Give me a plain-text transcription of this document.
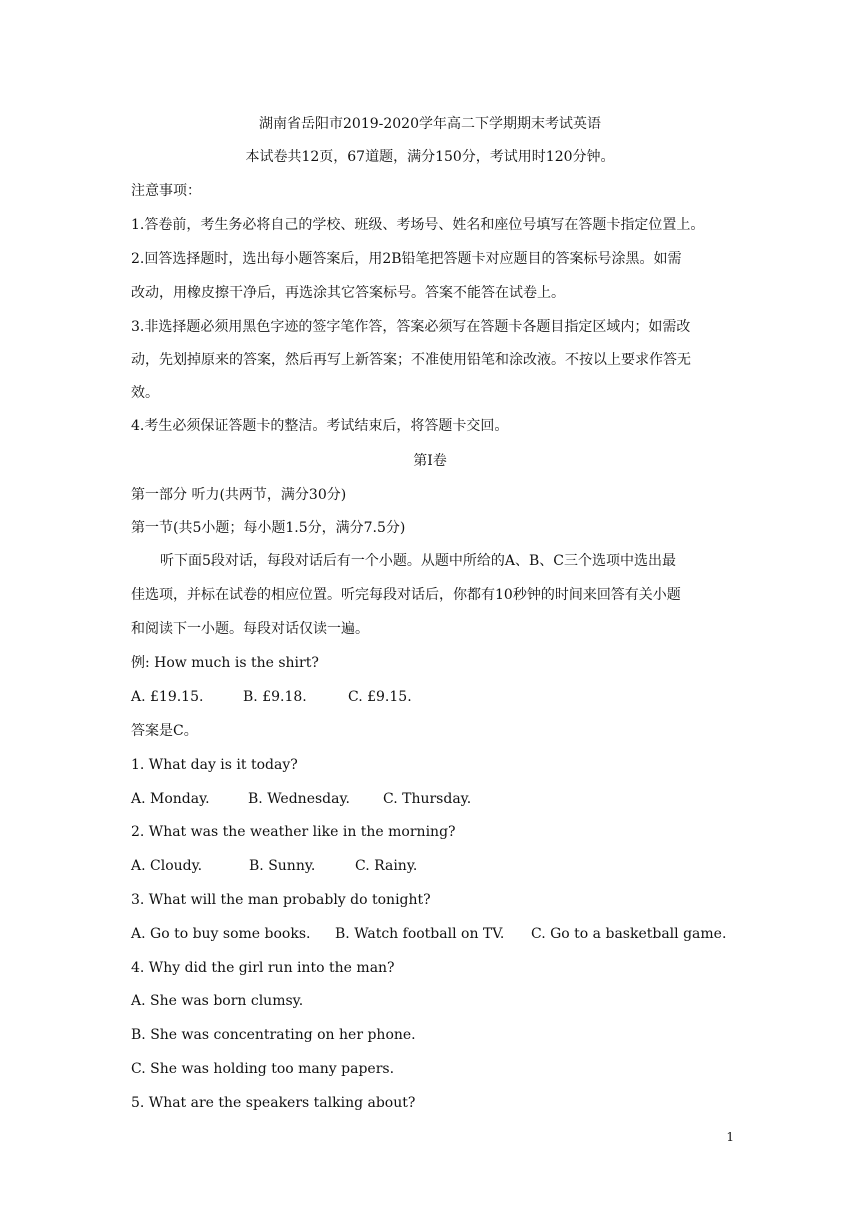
湖南省岳阳市2019-2020学年高二下学期期末考试英语
本试卷共12页，67道题，满分150分，考试用时120分钟。
注意事项：
1.答卷前，考生务必将自己的学校、班级、考场号、姓名和座位号填写在答题卡指定位置上。
2.回答选择题时，选出每小题答案后，用2B铅笔把答题卡对应题目的答案标号涂黑。如需
改动，用橡皮擦干净后，再选涂其它答案标号。答案不能答在试卷上。
3.非选择题必须用黑色字迹的签字笔作答，答案必须写在答题卡各题目指定区域内；如需改
动，先划掉原来的答案，然后再写上新答案；不准使用铅笔和涂改液。不按以上要求作答无
效。
4.考生必须保证答题卡的整洁。考试结束后，将答题卡交回。
第I卷
第一部分 听力(共两节，满分30分)
第一节(共5小题；每小题1.5分，满分7.5分)
听下面5段对话，每段对话后有一个小题。从题中所给的A、B、C三个选项中选出最
佳选项，并标在试卷的相应位置。听完每段对话后，你都有10秒钟的时间来回答有关小题
和阅读下一小题。每段对话仅读一遍。
例: How much is the shirt?
A. £19.15.	B. £9.18.	C. £9.15.
答案是C。
1. What day is it today?
A. Monday.	B. Wednesday. C. Thursday.
2. What was the weather like in the morning?
A. Cloudy.	B. Sunny.	C. Rainy.
3. What will the man probably do tonight?
A. Go to buy some books. B. Watch football on TV. C. Go to a basketball game.
4. Why did the girl run into the man?
A. She was born clumsy.
B. She was concentrating on her phone.
C. She was holding too many papers.
5. What are the speakers talking about?
1
